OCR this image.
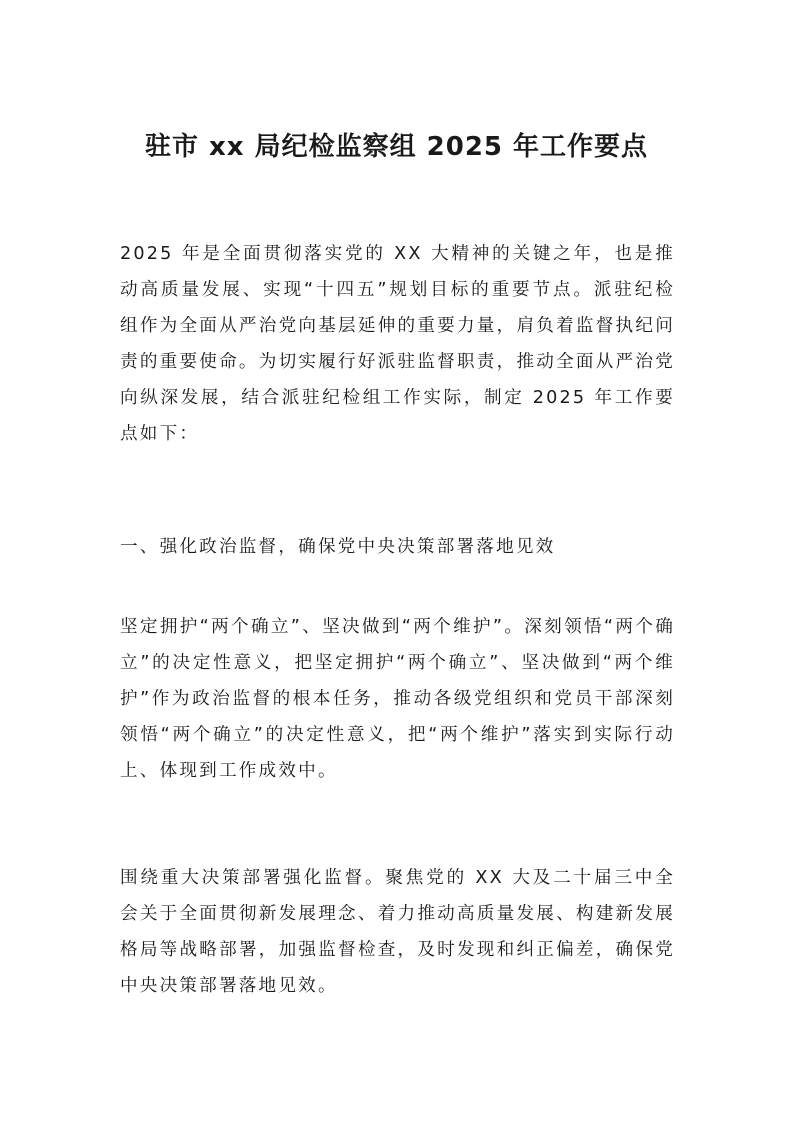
驻市 xx 局纪检监察组 2025 年工作要点

2025 年是全面贯彻落实党的 XX 大精神的关键之年，也是推动高质量发展、实现“十四五”规划目标的重要节点。派驻纪检组作为全面从严治党向基层延伸的重要力量，肩负着监督执纪问责的重要使命。为切实履行好派驻监督职责，推动全面从严治党向纵深发展，结合派驻纪检组工作实际，制定 2025 年工作要点如下：

一、强化政治监督，确保党中央决策部署落地见效

坚定拥护“两个确立”、坚决做到“两个维护”。深刻领悟“两个确立”的决定性意义，把坚定拥护“两个确立”、坚决做到“两个维护”作为政治监督的根本任务，推动各级党组织和党员干部深刻领悟“两个确立”的决定性意义，把“两个维护”落实到实际行动上、体现到工作成效中。

围绕重大决策部署强化监督。聚焦党的 XX 大及二十届三中全会关于全面贯彻新发展理念、着力推动高质量发展、构建新发展格局等战略部署，加强监督检查，及时发现和纠正偏差，确保党中央决策部署落地见效。
